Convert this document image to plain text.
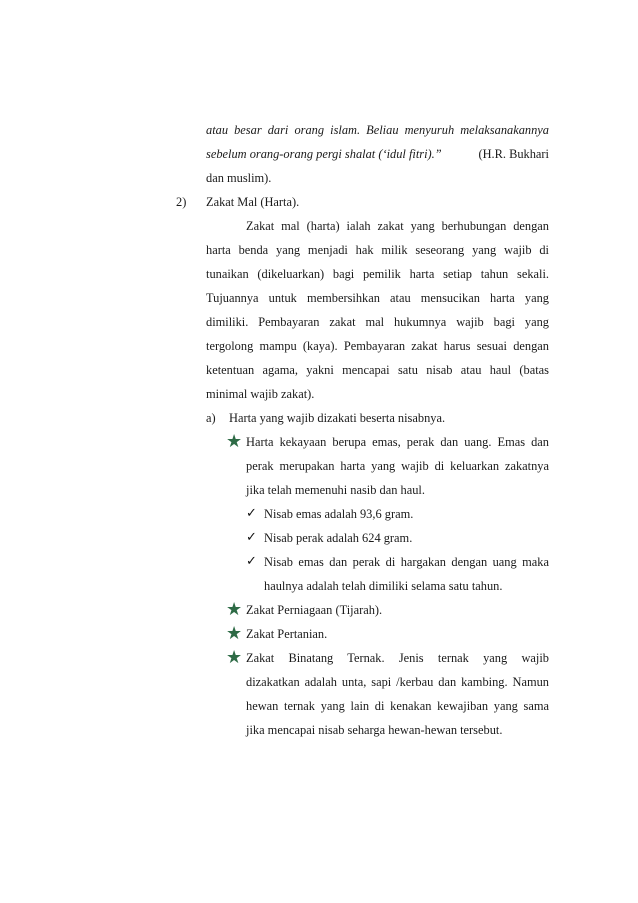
atau besar dari orang islam. Beliau menyuruh melaksanakannya
sebelum orang-orang pergi shalat (‘idul fitri).”	(H.R. Bukhari
dan muslim).
2) Zakat Mal (Harta).
Zakat mal (harta) ialah zakat yang berhubungan dengan
harta benda yang menjadi hak milik seseorang yang wajib di
tunaikan (dikeluarkan) bagi pemilik harta setiap tahun sekali.
Tujuannya untuk membersihkan atau mensucikan harta yang
dimiliki. Pembayaran zakat mal hukumnya wajib bagi yang
tergolong mampu (kaya). Pembayaran zakat harus sesuai dengan
ketentuan agama, yakni mencapai satu nisab atau haul (batas
minimal wajib zakat).
a) Harta yang wajib dizakati beserta nisabnya.
★ Harta kekayaan berupa emas, perak dan uang. Emas dan
perak merupakan harta yang wajib di keluarkan zakatnya
jika telah memenuhi nasib dan haul.
✓ Nisab emas adalah 93,6 gram.
✓ Nisab perak adalah 624 gram.
✓ Nisab emas dan perak di hargakan dengan uang maka
haulnya adalah telah dimiliki selama satu tahun.
★ Zakat Perniagaan (Tijarah).
★ Zakat Pertanian.
★ Zakat Binatang Ternak. Jenis ternak yang wajib
dizakatkan adalah unta, sapi /kerbau dan kambing. Namun
hewan ternak yang lain di kenakan kewajiban yang sama
jika mencapai nisab seharga hewan-hewan tersebut.
